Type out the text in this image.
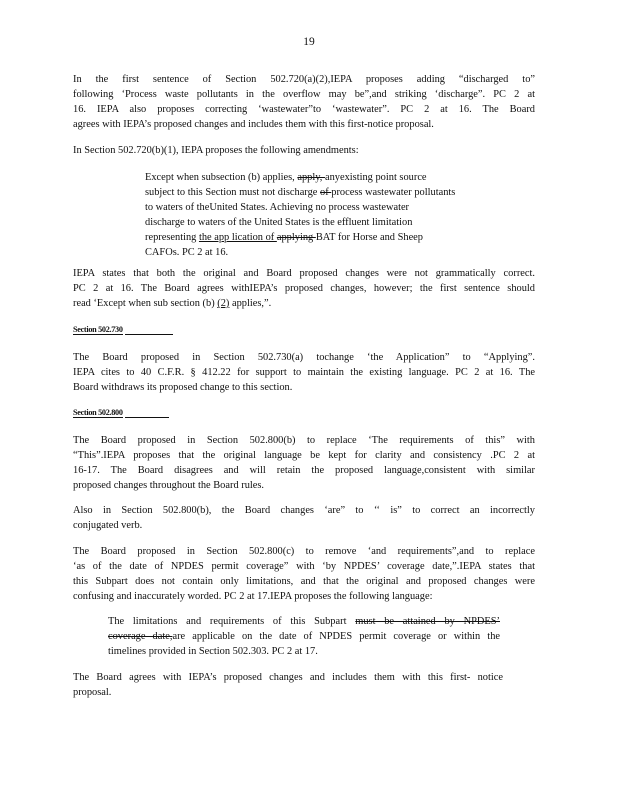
19
In the first sentence of Section 502.720(a)(2),IEPA proposes adding “discharged to”
following ‘Process waste pollutants in the overflow may be”,and striking ‘discharge”. PC 2 at
16. IEPA also proposes correcting ‘wastewater”to ‘wastewater”. PC 2 at 16. The Board
agrees with IEPA’s proposed changes and includes them with this first-notice proposal.
In Section 502.720(b)(1), IEPA proposes the following amendments:
Except when subsection (b) applies, apply, anyexisting point source
subject to this Section must not discharge of process wastewater pollutants
to waters of theUnited States. Achieving no process wastewater
discharge to waters of the United States is the effluent limitation
representing the app lication of applying BAT for Horse and Sheep
CAFOs. PC 2 at 16.
IEPA states that both the original and Board proposed changes were not grammatically correct.
PC 2 at 16. The Board agrees withIEPA’s proposed changes, however; the first sentence should
read ‘Except when sub section (b) (2) applies,”.
Section 502.730
The Board proposed in Section 502.730(a) tochange ‘the Application” to “Applying”.
IEPA cites to 40 C.F.R. § 412.22 for support to maintain the existing language. PC 2 at 16. The
Board withdraws its proposed change to this section.
Section 502.800
The Board proposed in Section 502.800(b) to replace ‘The requirements of this” with
“This”.IEPA proposes that the original language be kept for clarity and consistency .PC 2 at
16-17. The Board disagrees and will retain the proposed language,consistent with similar
proposed changes throughout the Board rules.
Also in Section 502.800(b), the Board changes ‘are” to ‘‘ is” to correct an incorrectly
conjugated verb.
The Board proposed in Section 502.800(c) to remove ‘and requirements”,and to replace
‘as of the date of NPDES permit coverage” with ‘by NPDES’ coverage date,”.IEPA states that
this Subpart does not contain only limitations, and that the original and proposed changes were
confusing and inaccurately worded. PC 2 at 17.IEPA proposes the following language:
The limitations and requirements of this Subpart must be attained by NPDES’
coverage date,are applicable on the date of NPDES permit coverage or within the
timelines provided in Section 502.303. PC 2 at 17.
The Board agrees with IEPA’s proposed changes and includes them with this first- notice
proposal.
